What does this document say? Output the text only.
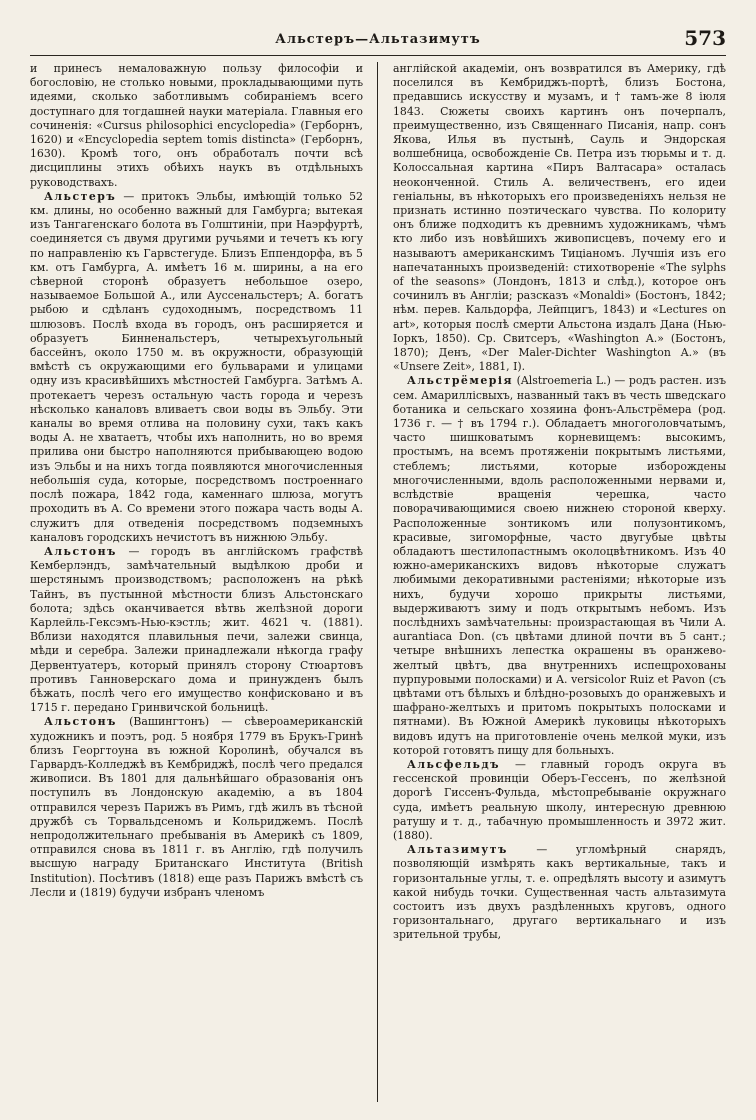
Альстеръ—Альтазимутъ	573

и принесъ немаловажную пользу философіи и богословію, не столько новыми, прокладывающими путь идеями, сколько заботливымъ собираніемъ всего доступнаго для тогдашней науки матеріала. Главныя его сочиненія: «Cursus philosophici encyclopedia» (Герборнъ, 1620) и «Encyclopedia septem tomis distincta» (Герборнъ, 1630). Кромѣ того, онъ обработалъ почти всѣ дисциплины этихъ обѣихъ наукъ въ отдѣльныхъ руководствахъ.

Альстеръ — притокъ Эльбы, имѣющій только 52 км. длины, но особенно важный для Гамбурга; вытекая изъ Тангагенскаго болота въ Голштиніи, при Наэрфуртѣ, соединяется съ двумя другими ручьями и течетъ къ югу по направленію къ Гарвстегуде. Близъ Еппендорфа, въ 5 км. отъ Гамбурга, А. имѣетъ 16 м. ширины, а на его сѣверной сторонѣ образуетъ небольшое озеро, называемое Большой А., или Ауссенальстеръ; А. богатъ рыбою и сдѣланъ судоходнымъ, посредствомъ 11 шлюзовъ. Послѣ входа въ городъ, онъ расширяется и образуетъ Бинненальстеръ, четырехъугольный бассейнъ, около 1750 м. въ окружности, образующій вмѣстѣ съ окружающими его бульварами и улицами одну изъ красивѣйшихъ мѣстностей Гамбурга. Затѣмъ А. протекаетъ черезъ остальную часть города и черезъ нѣсколько каналовъ вливаетъ свои воды въ Эльбу. Эти каналы во время отлива на половину сухи, такъ какъ воды А. не хватаетъ, чтобы ихъ наполнить, но во время прилива они быстро наполняются прибывающею водою изъ Эльбы и на нихъ тогда появляются многочисленныя небольшія суда, которые, посредствомъ построеннаго послѣ пожара, 1842 года, каменнаго шлюза, могутъ проходить въ А. Со времени этого пожара часть воды А. служитъ для отведенія посредствомъ подземныхъ каналовъ городскихъ нечистотъ въ нижнюю Эльбу.

Альстонъ — городъ въ англійскомъ графствѣ Кемберлэндъ, замѣчательный выдѣлкою дроби и шерстянымъ производствомъ; расположенъ на рѣкѣ Тайнъ, въ пустынной мѣстности близъ Альстонскаго болота; здѣсь оканчивается вѣтвь желѣзной дороги Карлейль-Гексэмъ-Нью-кэстль; жит. 4621 ч. (1881). Вблизи находятся плавильныя печи, залежи свинца, мѣди и серебра. Залежи принадлежали нѣкогда графу Дервентуатеръ, который принялъ сторону Стюартовъ противъ Ганноверскаго дома и принужденъ былъ бѣжать, послѣ чего его имущество конфисковано и въ 1715 г. передано Гринвичской больницѣ.

Альстонъ (Вашингтонъ) — сѣвероамериканскій художникъ и поэтъ, род. 5 ноября 1779 въ Брукъ-Гринѣ близъ Георгтоуна въ южной Королинѣ, обучался въ Гарвардъ-Колледжѣ въ Кембриджѣ, послѣ чего предался живописи. Въ 1801 для дальнѣйшаго образованія онъ поступилъ въ Лондонскую академію, а въ 1804 отправился черезъ Парижъ въ Римъ, гдѣ жилъ въ тѣсной дружбѣ съ Торвальдсеномъ и Кольриджемъ. Послѣ непродолжительнаго пребыванія въ Америкѣ съ 1809, отправился снова въ 1811 г. въ Англію, гдѣ получилъ высшую награду Британскаго Института (British Institution). Посѣтивъ (1818) еще разъ Парижъ вмѣстѣ съ Лесли и (1819) будучи избранъ членомъ

англійской академіи, онъ возвратился въ Америку, гдѣ поселился въ Кембриджъ-портѣ, близъ Бостона, предавшись искусству и музамъ, и † тамъ-же 8 іюля 1843. Сюжеты своихъ картинъ онъ почерпалъ, преимущественно, изъ Священнаго Писанія, напр. сонъ Якова, Илья въ пустынѣ, Сауль и Эндорская волшебница, освобожденіе Св. Петра изъ тюрьмы и т. д. Колоссальная картина «Пиръ Валтасара» осталась неоконченной. Стиль А. величественъ, его идеи геніальны, въ нѣкоторыхъ его произведеніяхъ нельзя не признать истинно поэтическаго чувства. По колориту онъ ближе подходитъ къ древнимъ художникамъ, чѣмъ кто либо изъ новѣйшихъ живописцевъ, почему его и называютъ американскимъ Тиціаномъ. Лучшія изъ его напечатанныхъ произведеній: стихотвореніе «The sylphs of the seasons» (Лондонъ, 1813 и слѣд.), которое онъ сочинилъ въ Англіи; разсказъ «Monaldi» (Бостонъ, 1842; нѣм. перев. Кальдорфа, Лейпцигъ, 1843) и «Lectures on art», которыя послѣ смерти Альстона издалъ Дана (Нью-Іоркъ, 1850). Ср. Свитсеръ, «Washington A.» (Бостонъ, 1870); Денъ, «Der Maler-Dichter Washington A.» (въ «Unsere Zeit», 1881, I).

Альстрёмерія (Alstroemeria L.) — родъ растен. изъ сем. Амариллісвыхъ, названный такъ въ честь шведскаго ботаника и сельскаго хозяина фонъ-Альстрёмера (род. 1736 г. — † въ 1794 г.). Обладаетъ многоголовчатымъ, часто шишковатымъ корневищемъ: высокимъ, простымъ, на всемъ протяженіи покрытымъ листьями, стеблемъ; листьями, которые изборождены многочисленными, вдоль расположенными нервами и, вслѣдствіе вращенія черешка, часто поворачивающимися своею нижнею стороной кверху. Расположенные зонтикомъ или полузонтикомъ, красивые, зигоморфные, часто двугубые цвѣты обладаютъ шестилопастнымъ околоцвѣтникомъ. Изъ 40 южно-американскихъ видовъ нѣкоторые служатъ любимыми декоративными растеніями; нѣкоторые изъ нихъ, будучи хорошо прикрыты листьями, выдерживаютъ зиму и подъ открытымъ небомъ. Изъ послѣднихъ замѣчательны: произрастающая въ Чили A. aurantiaca Don. (съ цвѣтами длиной почти въ 5 сант.; четыре внѣшнихъ лепестка окрашены въ оранжево-желтый цвѣтъ, два внутреннихъ испещрохованы пурпуровыми полосками) и A. versicolor Ruiz et Pavon (съ цвѣтами отъ бѣлыхъ и блѣдно-розовыхъ до оранжевыхъ и шафрано-желтыхъ и притомъ покрытыхъ полосками и пятнами). Въ Южной Америкѣ луковицы нѣкоторыхъ видовъ идутъ на приготовленіе очень мелкой муки, изъ которой готовятъ пищу для больныхъ.

Альсфельдъ — главный городъ округа въ гессенской провинціи Оберъ-Гессенъ, по желѣзной дорогѣ Гиссенъ-Фульда, мѣстопребываніе окружнаго суда, имѣетъ реальную школу, интересную древнюю ратушу и т. д., табачную промышленность и 3972 жит. (1880).

Альтазимутъ — угломѣрный снарядъ, позволяющій измѣрять какъ вертикальные, такъ и горизонтальные углы, т. е. опредѣлять высоту и азимутъ какой нибудь точки. Существенная часть альтазимута состоитъ изъ двухъ раздѣленныхъ круговъ, одного горизонтальнаго, другаго вертикальнаго и изъ зрительной трубы,
